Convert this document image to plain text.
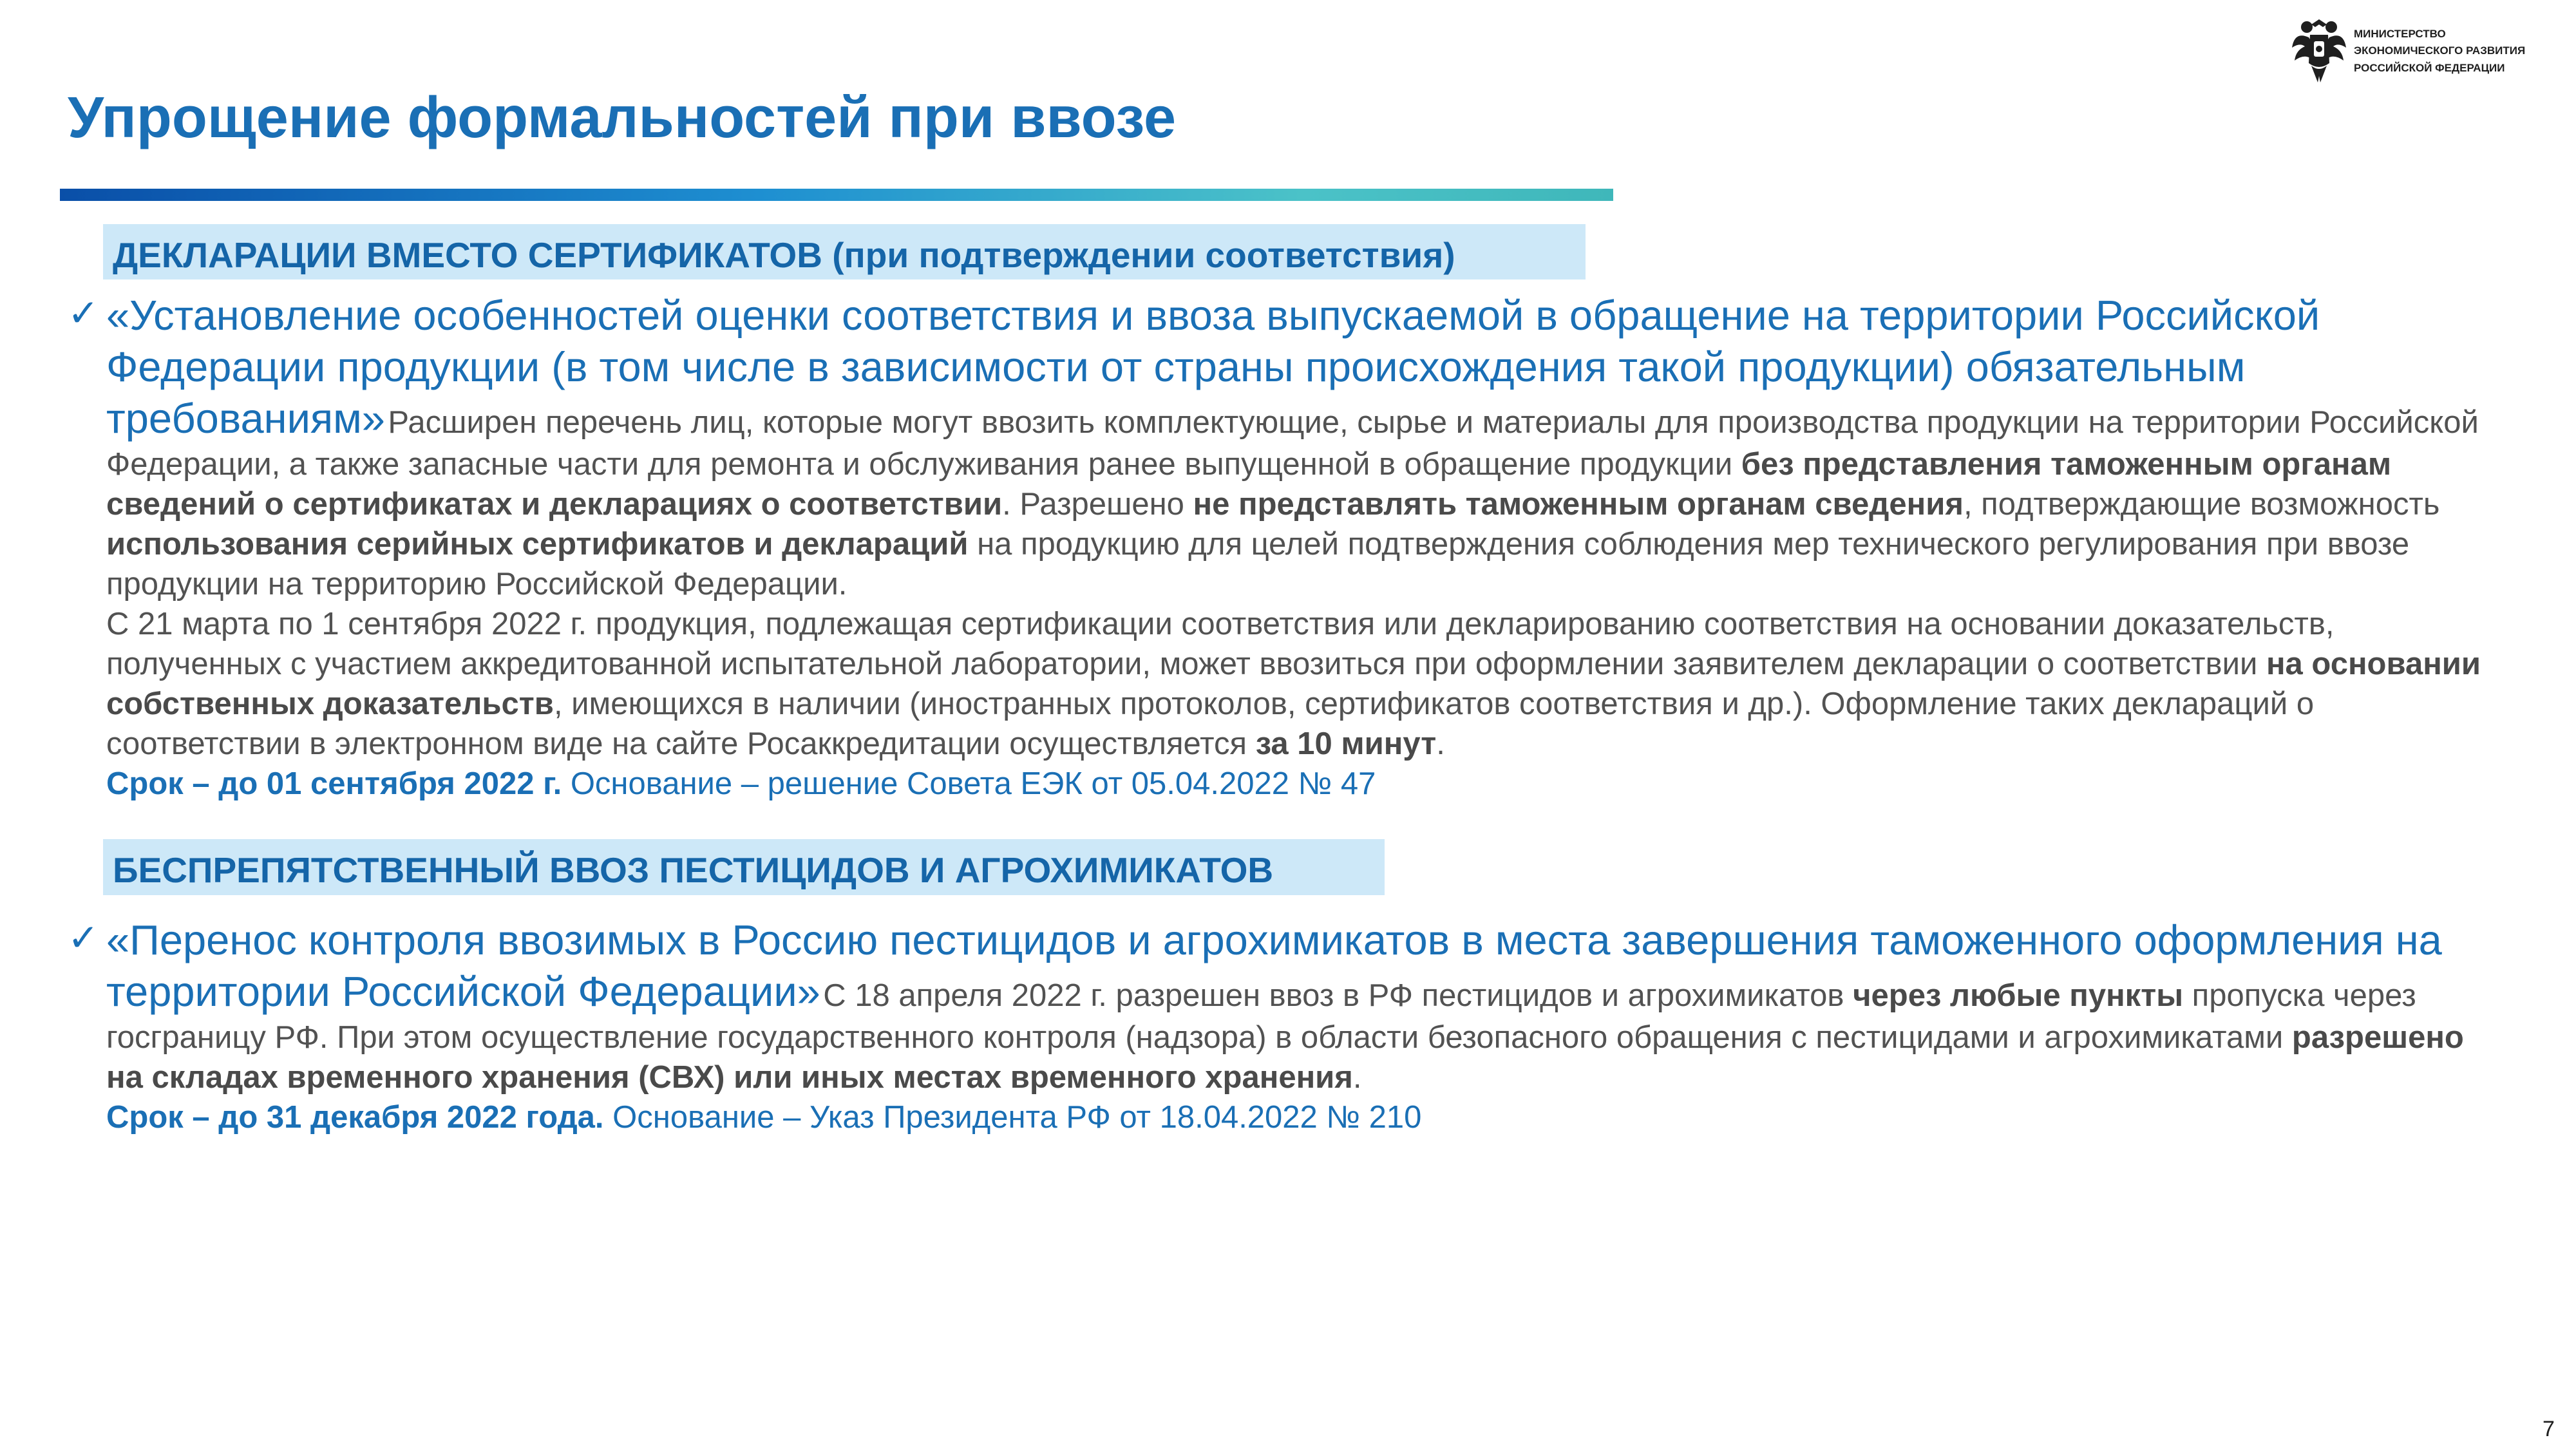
Упрощение формальностей при ввозе
МИНИСТЕРСТВО
ЭКОНОМИЧЕСКОГО РАЗВИТИЯ
РОССИЙСКОЙ ФЕДЕРАЦИИ
ДЕКЛАРАЦИИ ВМЕСТО СЕРТИФИКАТОВ (при подтверждении соответствия)
✓ «Установление особенностей оценки соответствия и ввоза выпускаемой в обращение на территории Российской Федерации продукции (в том числе в зависимости от страны происхождения такой продукции) обязательным требованиям» Расширен перечень лиц, которые могут ввозить комплектующие, сырье и материалы для производства продукции на территории Российской Федерации, а также запасные части для ремонта и обслуживания ранее выпущенной в обращение продукции без представления таможенным органам сведений о сертификатах и декларациях о соответствии. Разрешено не представлять таможенным органам сведения, подтверждающие возможность использования серийных сертификатов и деклараций на продукцию для целей подтверждения соблюдения мер технического регулирования при ввозе продукции на территорию Российской Федерации.
С 21 марта по 1 сентября 2022 г. продукция, подлежащая сертификации соответствия или декларированию соответствия на основании доказательств, полученных с участием аккредитованной испытательной лаборатории, может ввозиться при оформлении заявителем декларации о соответствии на основании собственных доказательств, имеющихся в наличии (иностранных протоколов, сертификатов соответствия и др.). Оформление таких деклараций о соответствии в электронном виде на сайте Росаккредитации осуществляется за 10 минут.
Срок – до 01 сентября 2022 г. Основание – решение Совета ЕЭК от 05.04.2022 № 47
БЕСПРЕПЯТСТВЕННЫЙ ВВОЗ ПЕСТИЦИДОВ И АГРОХИМИКАТОВ
✓ «Перенос контроля ввозимых в Россию пестицидов и агрохимикатов в места завершения таможенного оформления на территории Российской Федерации» С 18 апреля 2022 г. разрешен ввоз в РФ пестицидов и агрохимикатов через любые пункты пропуска через госграницу РФ. При этом осуществление государственного контроля (надзора) в области безопасного обращения с пестицидами и агрохимикатами разрешено на складах временного хранения (СВХ) или иных местах временного хранения.
Срок – до 31 декабря 2022 года. Основание – Указ Президента РФ от 18.04.2022 № 210
7
